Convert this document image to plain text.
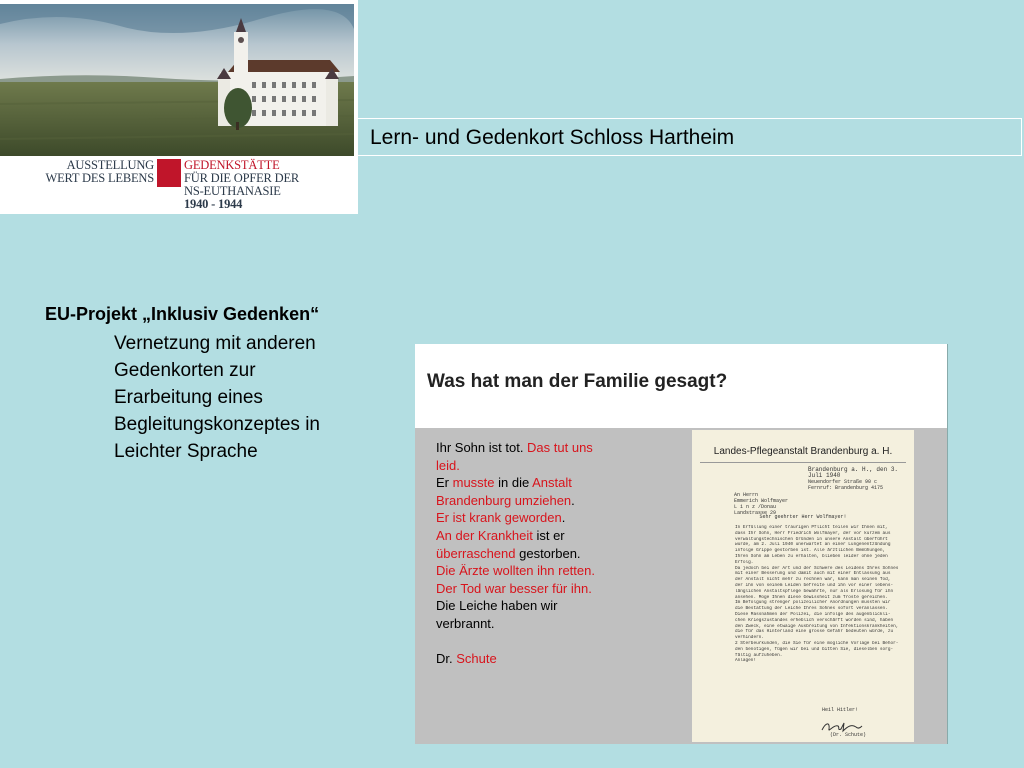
AUSSTELLUNG
WERT DES LEBENS
GEDENKSTÄTTE
FÜR DIE OPFER DER
NS-EUTHANASIE
1940 - 1944
Lern- und Gedenkort Schloss Hartheim
EU-Projekt „Inklusiv Gedenken“
Vernetzung mit anderen
Gedenkorten zur
Erarbeitung eines
Begleitungskonzeptes in
Leichter Sprache
Was hat man der Familie gesagt?
Ihr Sohn ist tot. Das tut uns
leid.
Er musste in die Anstalt
Brandenburg umziehen.
Er ist krank geworden.
An der Krankheit ist er
überraschend gestorben.
Die Ärzte wollten ihn retten.
Der Tod war besser für ihn.
Die Leiche haben wir
verbrannt.
Dr. Schute
Landes-Pflegeanstalt Brandenburg a. H.
Brandenburg a. H., den 3. Juli 1940
Neuendorfer Straße 90 c
Fernruf: Brandenburg 4175
An Herrn
Emmerich Wolfmayer
L i n z /Donau
Landstrasse 29
Sehr geehrter Herr Wolfmayer!
In Erfüllung einer traurigen Pflicht teilen wir Ihnen mit,
dass Ihr Sohn, Herr Friedrich Wolfmayer, der vor kurzem aus
verwaltungstechnischen Gründen in unsere Anstalt überführt
wurde, am 2. Juli 1940 unerwartet an einer Lungenentzündung
infolge Grippe gestorben ist. Alle ärztlichen Bemühungen,
Ihren Sohn am Leben zu erhalten, blieben leider ohne jeden
Erfolg.
Da jedoch bei der Art und der Schwere des Leidens Ihres Sohnes
mit einer Besserung und damit auch mit einer Entlassung aus
der Anstalt nicht mehr zu rechnen war, kann man seinen Tod,
der ihn von seinem Leiden befreite und ihn vor einer lebens-
länglichen Anstaltspflege bewahrte, nur als Erlösung für ihn
ansehen. Möge Ihnen diese Gewissheit zum Troste gereichen.
Im Befolgung strenger polizeilicher Anordnungen mussten wir
die Bestattung der Leiche Ihres Sohnes sofort veranlassen.
Diese Massnahmen der Polizei, die infolge des augenblickli-
chen Kriegszustandes erheblich verschärft worden sind, haben
den Zweck, eine etwaige Ausbreitung von Infektionskrankheiten,
die für das Hinterland eine grosse Gefahr bedeuten würde, zu
verhindern.
2 Sterbeurkunden, die Sie für eine mögliche Vorlage bei Behör-
den benötigen, fügen wir bei und bitten Sie, dieselben sorg-
fältig aufzuheben.
Anlagen!
Heil Hitler!
(Dr. Schute)
